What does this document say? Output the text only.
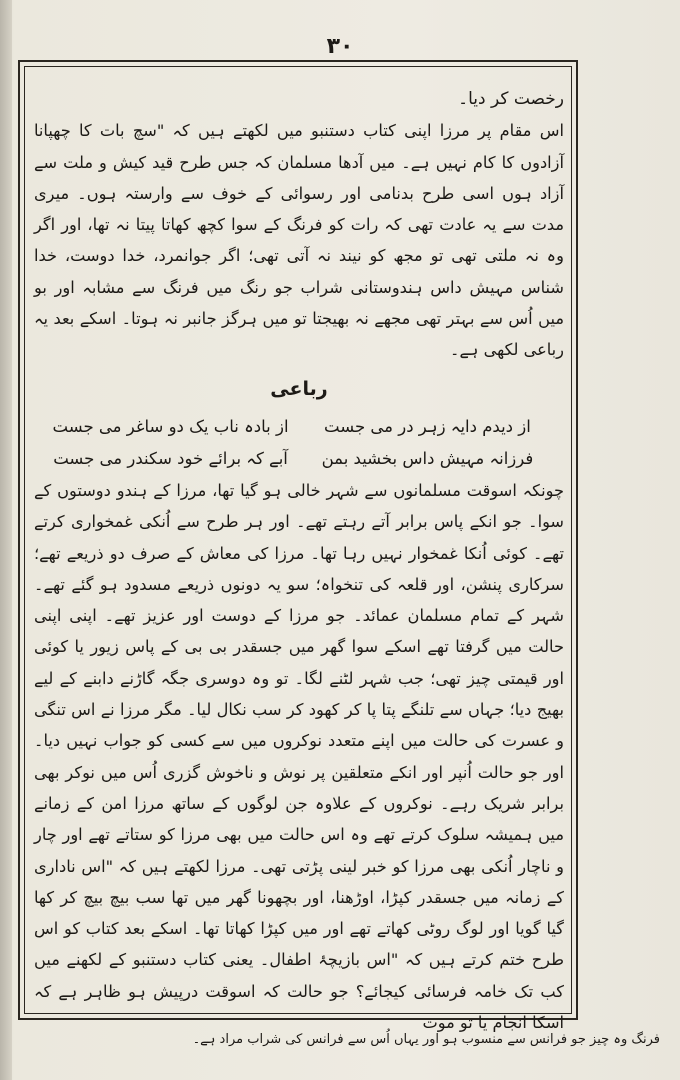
۳۰

رخصت کر دیا۔

اس مقام پر مرزا اپنی کتاب دستنبو میں لکھتے ہیں کہ "سچ بات کا چھپانا آزادوں کا کام نہیں ہے۔ میں آدھا مسلمان کہ جس طرح قید کیش و ملت سے آزاد ہوں اسی طرح بدنامی اور رسوائی کے خوف سے وارستہ ہوں۔ میری مدت سے یہ عادت تھی کہ رات کو فرنگ کے سوا کچھ کھاتا پیتا نہ تھا، اور اگر وہ نہ ملتی تھی تو مجھ کو نیند نہ آتی تھی؛ اگر جوانمرد، خدا دوست، خدا شناس مہیش داس ہندوستانی شراب جو رنگ میں فرنگ سے مشابہ اور بو میں اُس سے بہتر تھی مجھے نہ بھیجتا تو میں ہرگز جانبر نہ ہوتا۔ اسکے بعد یہ رباعی لکھی ہے۔

رباعی
از دیدم دایہ زہر در می جست
از بادہ ناب یک دو ساغر می جست
فرزانہ مہیش داس بخشید بمن
آبے کہ برائے خود سکندر می جست

چونکہ اسوقت مسلمانوں سے شہر خالی ہو گیا تھا، مرزا کے ہندو دوستوں کے سوا۔ جو انکے پاس برابر آتے رہتے تھے۔ اور ہر طرح سے اُنکی غمخواری کرتے تھے۔ کوئی اُنکا غمخوار نہیں رہا تھا۔ مرزا کی معاش کے صرف دو ذریعے تھے؛ سرکاری پنشن، اور قلعہ کی تنخواہ؛ سو یہ دونوں ذریعے مسدود ہو گئے تھے۔ شہر کے تمام مسلمان عمائد۔ جو مرزا کے دوست اور عزیز تھے۔ اپنی اپنی حالت میں گرفتا تھے اسکے سوا گھر میں جسقدر بی بی کے پاس زیور یا کوئی اور قیمتی چیز تھی؛ جب شہر لٹنے لگا۔ تو وہ دوسری جگہ گاڑنے دابنے کے لیے بھیج دیا؛ جہاں سے تلنگے پتا پا کر کھود کر سب نکال لیا۔ مگر مرزا نے اس تنگی و عسرت کی حالت میں اپنے متعدد نوکروں میں سے کسی کو جواب نہیں دیا۔ اور جو حالت اُنپر اور انکے متعلقین پر نوش و ناخوش گزری اُس میں نوکر بھی برابر شریک رہے۔ نوکروں کے علاوہ جن لوگوں کے ساتھ مرزا امن کے زمانے میں ہمیشہ سلوک کرتے تھے وہ اس حالت میں بھی مرزا کو ستاتے تھے اور چار و ناچار اُنکی بھی مرزا کو خبر لینی پڑتی تھی۔ مرزا لکھتے ہیں کہ "اس ناداری کے زمانہ میں جسقدر کپڑا، اوڑھنا، اور بچھونا گھر میں تھا سب بیچ بیچ کر کھا گیا گویا اور لوگ روٹی کھاتے تھے اور میں کپڑا کھاتا تھا۔ اسکے بعد کتاب کو اس طرح ختم کرتے ہیں کہ "اس بازیچۂ اطفال۔ یعنی کتاب دستنبو کے لکھنے میں کب تک خامہ فرسائی کیجائے؟ جو حالت کہ اسوقت درپیش ہو ظاہر ہے کہ اسکا انجام یا تو موت

فرنگ وہ چیز جو فرانس سے منسوب ہو اور یہاں اُس سے فرانس کی شراب مراد ہے۔
